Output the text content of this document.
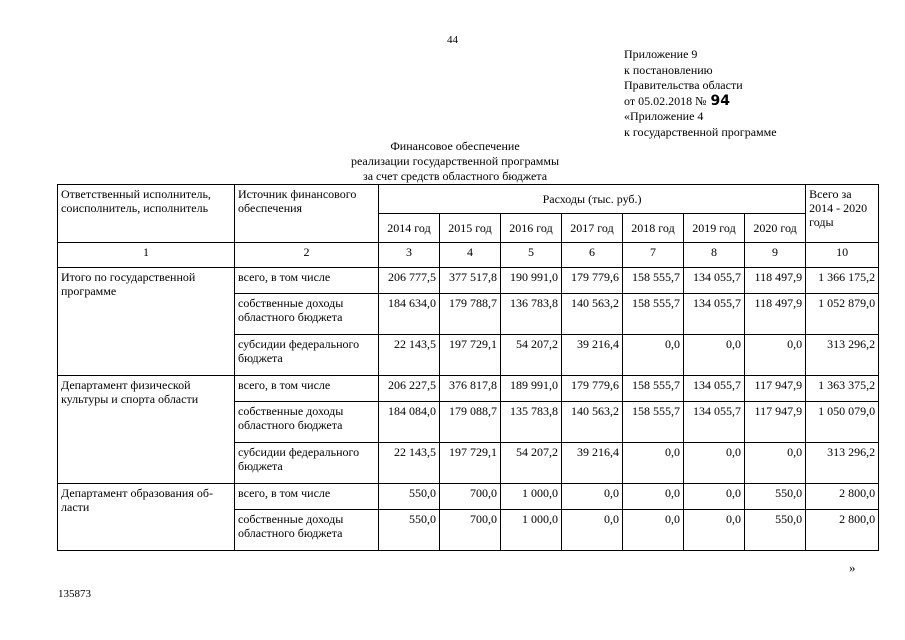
44
Приложение 9
к постановлению
Правительства области
от 05.02.2018 № 94
«Приложение 4
к государственной программе
Финансовое обеспечение
реализации государственной программы
за счет средств областного бюджета
Ответственный исполнитель, соисполнитель, исполнитель	Источник финансового обеспечения	Расходы (тыс. руб.)							Всего за 2014 - 2020 годы
		2014 год	2015 год	2016 год	2017 год	2018 год	2019 год	2020 год	
1	2	3	4	5	6	7	8	9	10
Итого по государственной программе	всего, в том числе	206 777,5	377 517,8	190 991,0	179 779,6	158 555,7	134 055,7	118 497,9	1 366 175,2
	собственные доходы областного бюджета	184 634,0	179 788,7	136 783,8	140 563,2	158 555,7	134 055,7	118 497,9	1 052 879,0
	субсидии федерального бюджета	22 143,5	197 729,1	54 207,2	39 216,4	0,0	0,0	0,0	313 296,2
Департамент физической культуры и спорта области	всего, в том числе	206 227,5	376 817,8	189 991,0	179 779,6	158 555,7	134 055,7	117 947,9	1 363 375,2
	собственные доходы областного бюджета	184 084,0	179 088,7	135 783,8	140 563,2	158 555,7	134 055,7	117 947,9	1 050 079,0
	субсидии федерального бюджета	22 143,5	197 729,1	54 207,2	39 216,4	0,0	0,0	0,0	313 296,2
Департамент образования об-ласти	всего, в том числе	550,0	700,0	1 000,0	0,0	0,0	0,0	550,0	2 800,0
	собственные доходы областного бюджета	550,0	700,0	1 000,0	0,0	0,0	0,0	550,0	2 800,0
»
135873
